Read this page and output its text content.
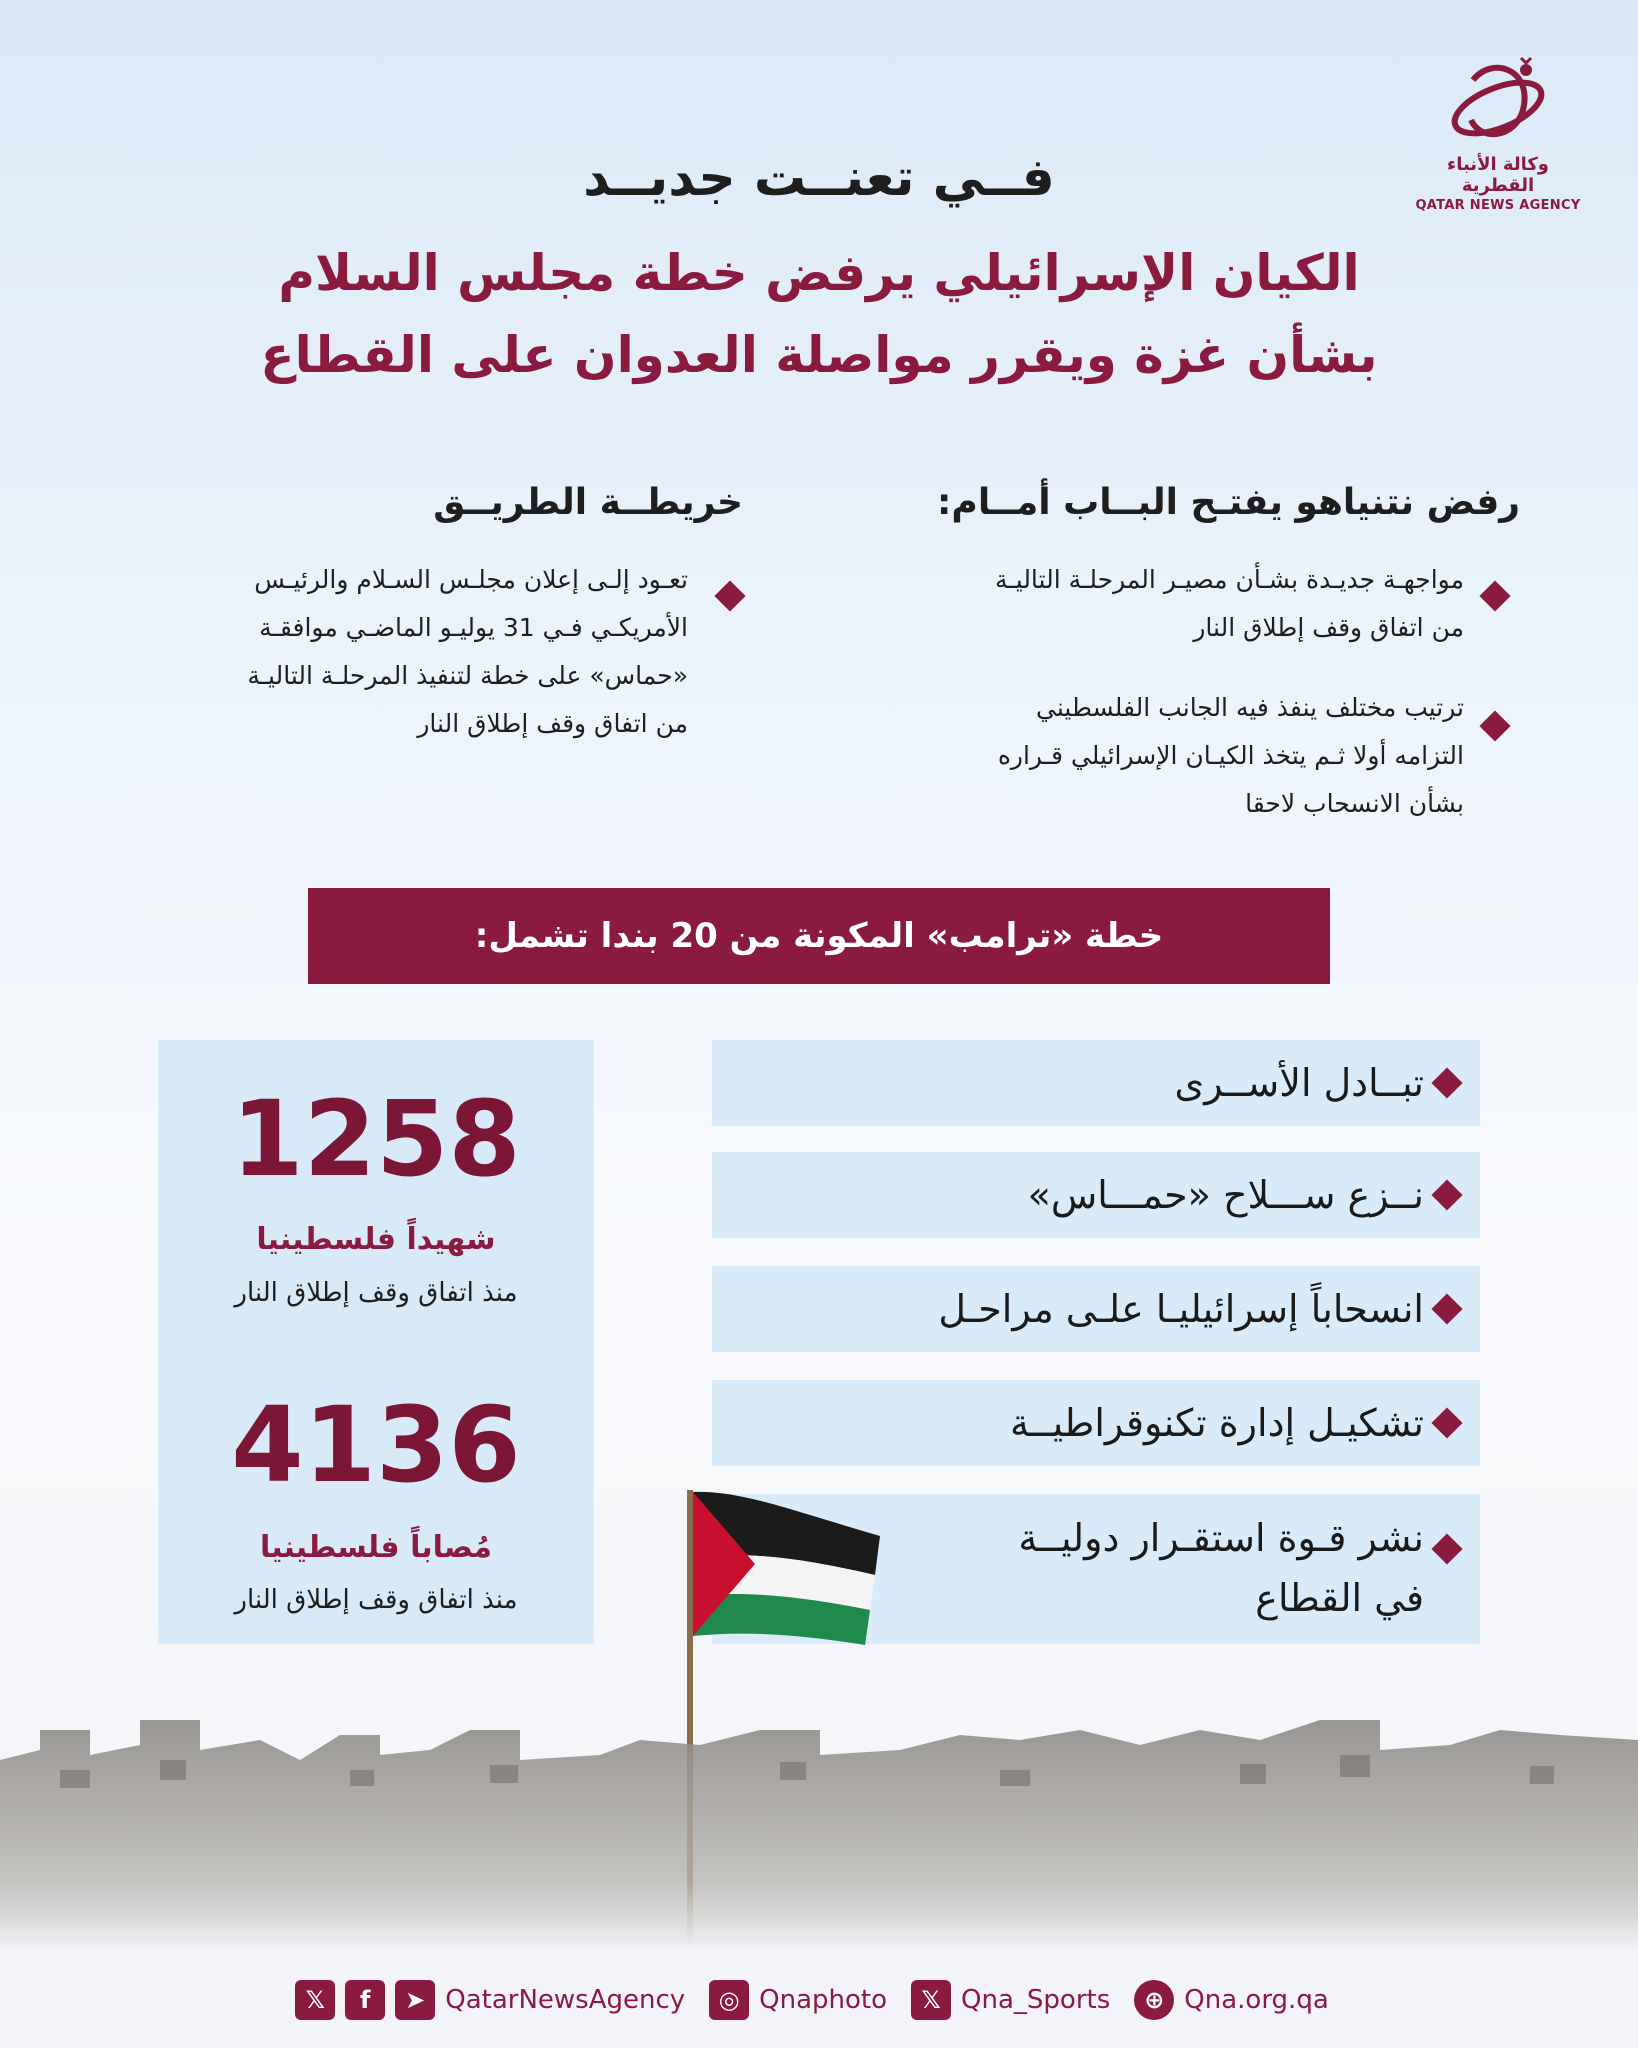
وكالة الأنباء القطرية
QATAR NEWS AGENCY
فــي تعنــت جديــد
الكيان الإسرائيلي يرفض خطة مجلس السلام
بشأن غزة ويقرر مواصلة العدوان على القطاع
رفض نتنياهو يفتـح البــاب أمــام:
مواجهـة جديـدة بشـأن مصيـر المرحلـة التاليـة
من اتفاق وقف إطلاق النار
ترتيب مختلف ينفذ فيه الجانب الفلسطيني
التزامه أولا ثـم يتخذ الكيـان الإسرائيلي قـراره
بشأن الانسحاب لاحقا
خريطــة الطريــق
تعـود إلـى إعلان مجلـس السـلام والرئيـس
الأمريكـي فـي 31 يوليـو الماضـي موافقـة
«حماس» على خطة لتنفيذ المرحلـة التاليـة
من اتفاق وقف إطلاق النار
خطة «ترامب» المكونة من 20 بندا تشمل:
1258
شهيداً فلسطينيا
منذ اتفاق وقف إطلاق النار
4136
مُصاباً فلسطينيا
منذ اتفاق وقف إطلاق النار
تبــادل الأســرى
نــزع ســـلاح «حمـــاس»
انسحاباً إسرائيليـا علـى مراحـل
تشكيـل إدارة تكنوقراطيــة
نشر قـوة استقـرار دوليــة
في القطاع
𝕏	f	➤ QatarNewsAgency	◎ Qnaphoto	𝕏 Qna_Sports	⊕ Qna.org.qa
